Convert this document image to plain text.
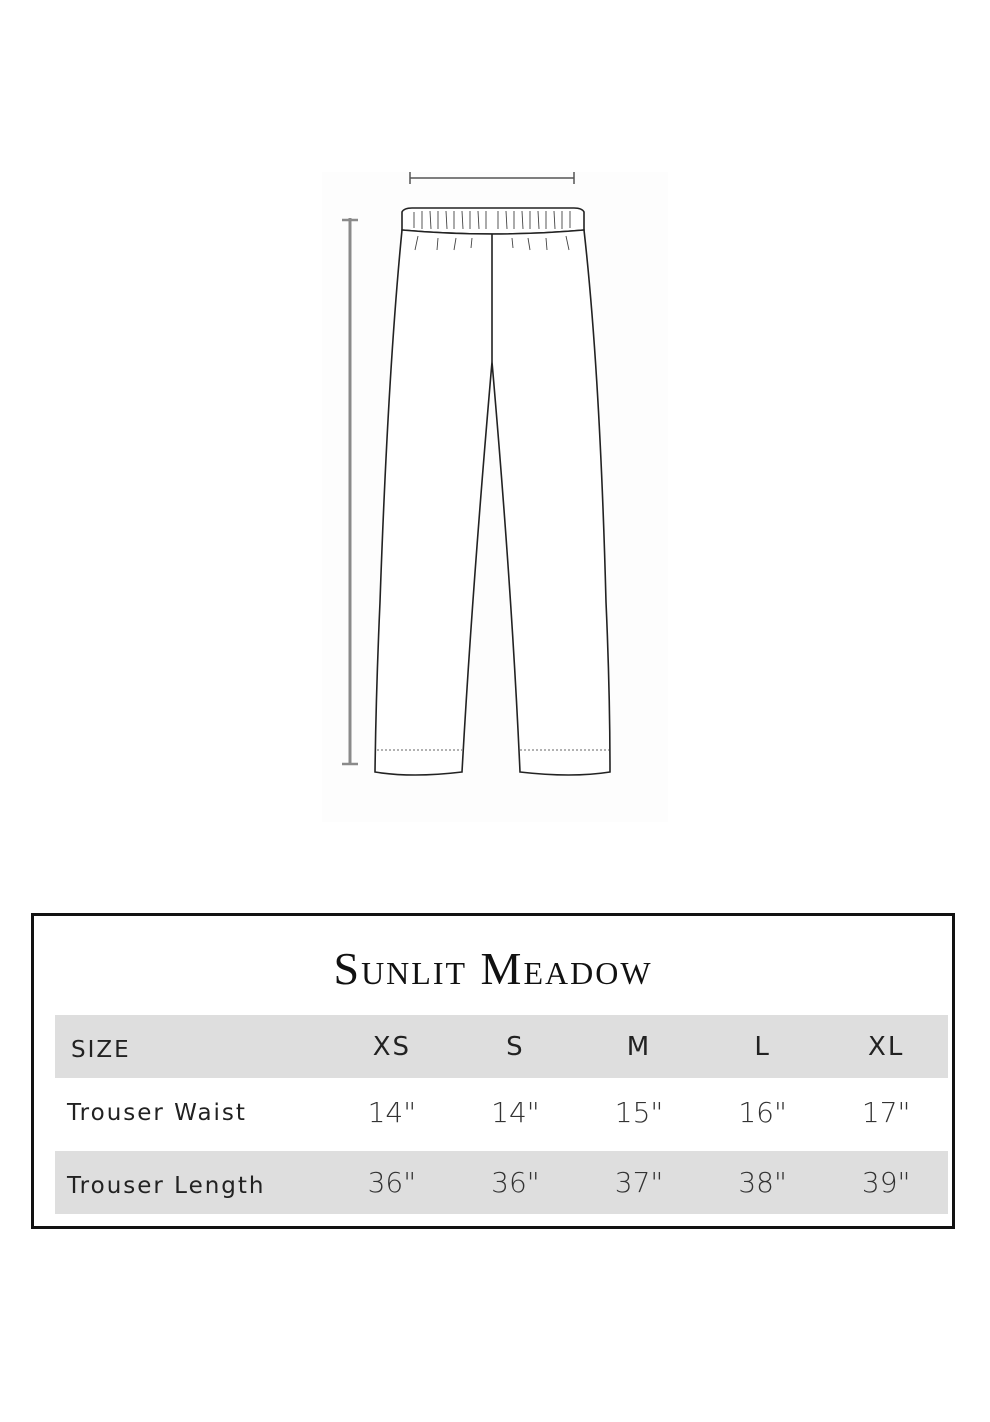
Sunlit Meadow
SIZE	XS	S	M	L	XL
Trouser Waist	14"	14"	15"	16"	17"
Trouser Length	36"	36"	37"	38"	39"
